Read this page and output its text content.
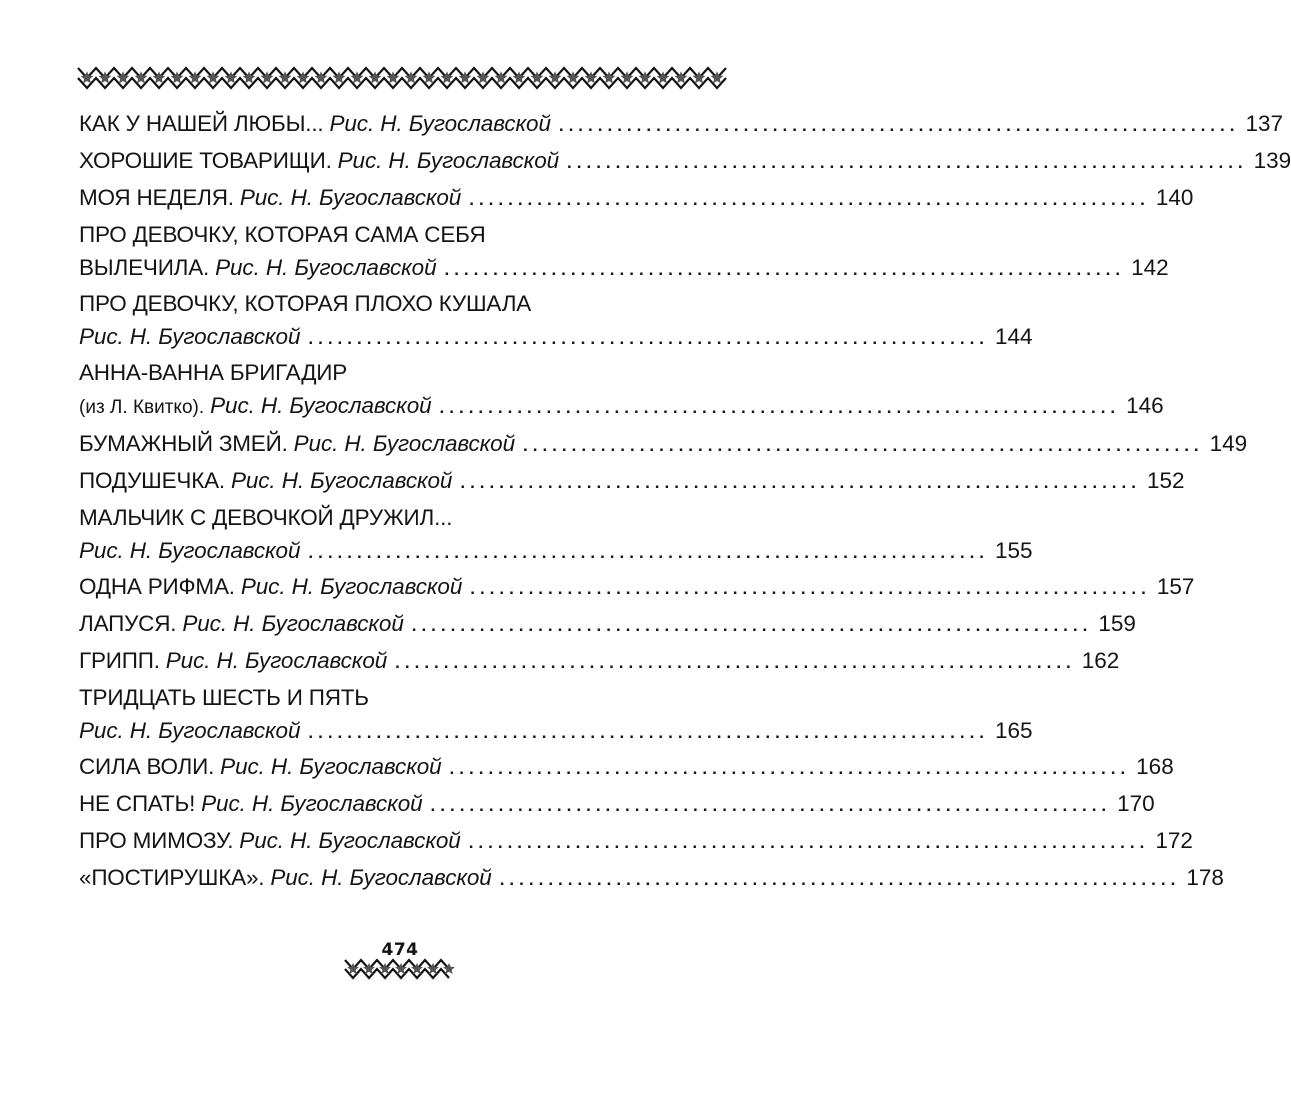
КАК У НАШЕЙ ЛЮБЫ... Рис. Н. Бугославской ...................................................................... 137
ХОРОШИЕ ТОВАРИЩИ. Рис. Н. Бугославской ...................................................................... 139
МОЯ НЕДЕЛЯ. Рис. Н. Бугославской ...................................................................... 140
ПРО ДЕВОЧКУ, КОТОРАЯ САМА СЕБЯ
ВЫЛЕЧИЛА. Рис. Н. Бугославской ...................................................................... 142
ПРО ДЕВОЧКУ, КОТОРАЯ ПЛОХО КУШАЛА
Рис. Н. Бугославской ...................................................................... 144
АННА-ВАННА БРИГАДИР
(из Л. Квитко). Рис. Н. Бугославской ...................................................................... 146
БУМАЖНЫЙ ЗМЕЙ. Рис. Н. Бугославской ...................................................................... 149
ПОДУШЕЧКА. Рис. Н. Бугославской ...................................................................... 152
МАЛЬЧИК С ДЕВОЧКОЙ ДРУЖИЛ...
Рис. Н. Бугославской ...................................................................... 155
ОДНА РИФМА. Рис. Н. Бугославской ...................................................................... 157
ЛАПУСЯ. Рис. Н. Бугославской ...................................................................... 159
ГРИПП. Рис. Н. Бугославской ...................................................................... 162
ТРИДЦАТЬ ШЕСТЬ И ПЯТЬ
Рис. Н. Бугославской ...................................................................... 165
СИЛА ВОЛИ. Рис. Н. Бугославской ...................................................................... 168
НЕ СПАТЬ! Рис. Н. Бугославской ...................................................................... 170
ПРО МИМОЗУ. Рис. Н. Бугославской ...................................................................... 172
«ПОСТИРУШКА». Рис. Н. Бугославской ...................................................................... 178
474
